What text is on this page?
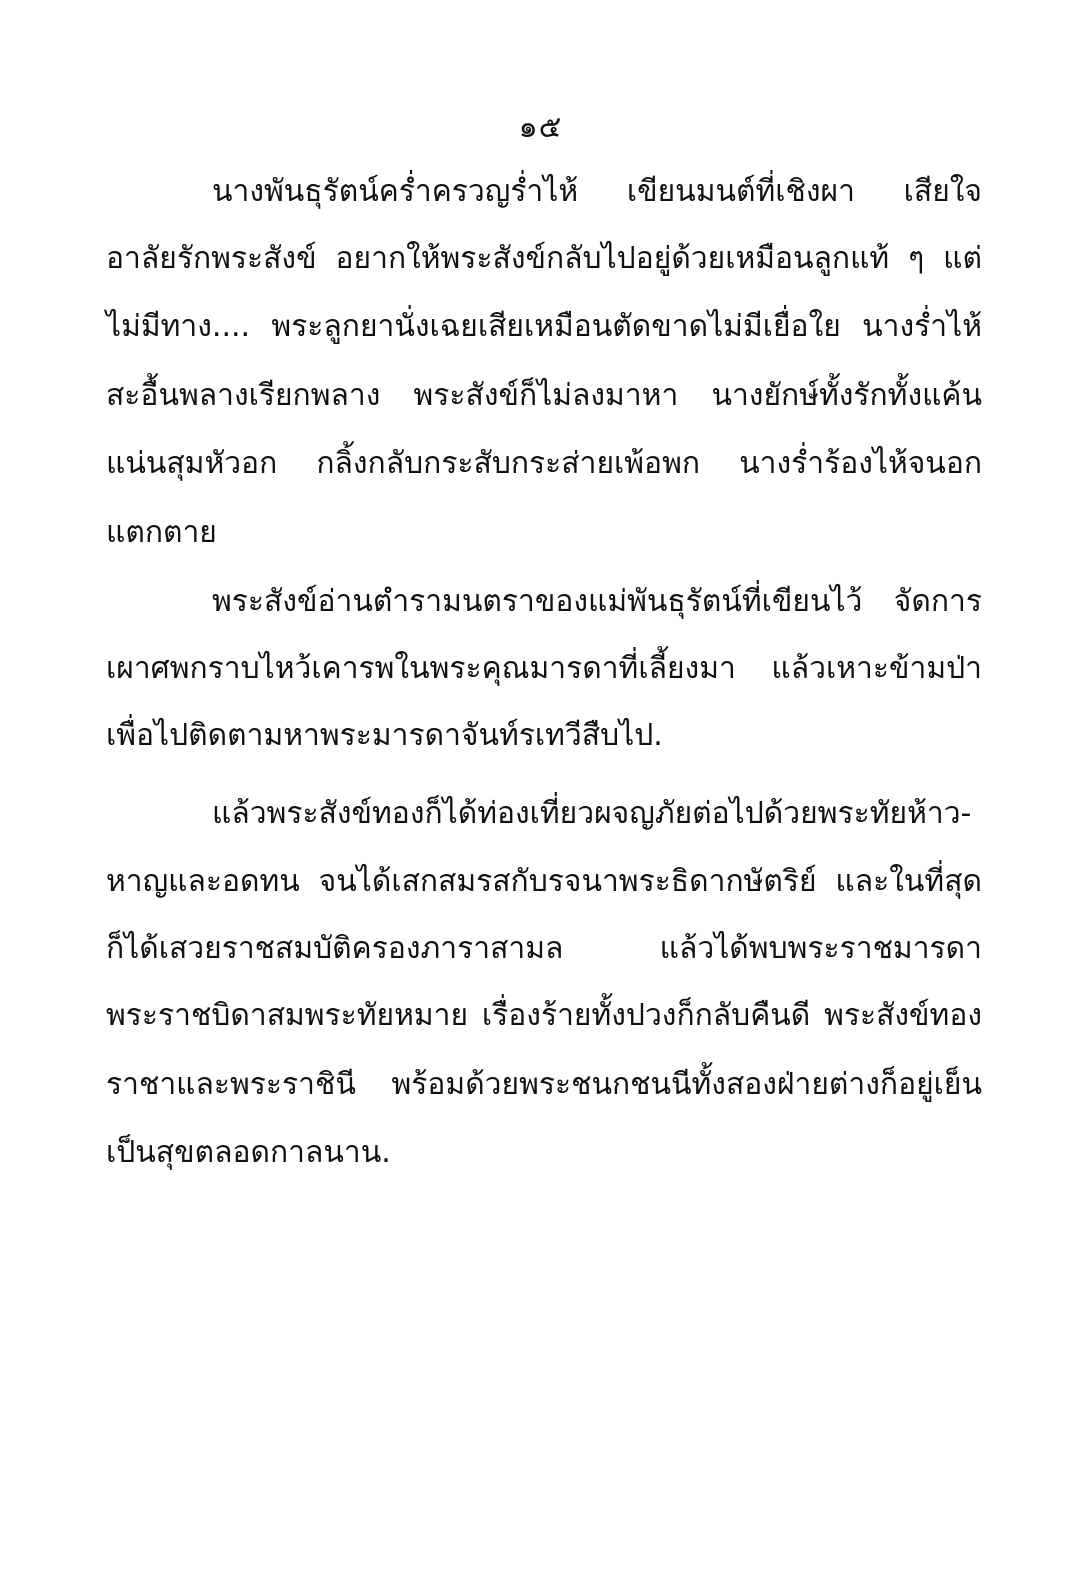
๑๕
นางพันธุรัตน์คร่ำครวญร่ำไห้ เขียนมนต์ที่เชิงผา เสียใจ
อาลัยรักพระสังข์ อยากให้พระสังข์กลับไปอยู่ด้วยเหมือนลูกแท้ ๆ แต่
ไม่มีทาง.... พระลูกยานั่งเฉยเสียเหมือนตัดขาดไม่มีเยื่อใย นางร่ำไห้
สะอื้นพลางเรียกพลาง พระสังข์ก็ไม่ลงมาหา นางยักษ์ทั้งรักทั้งแค้น
แน่นสุมหัวอก กลิ้งกลับกระสับกระส่ายเพ้อพก นางร่ำร้องไห้จนอก
แตกตาย
พระสังข์อ่านตำรามนตราของแม่พันธุรัตน์ที่เขียนไว้ จัดการ
เผาศพกราบไหว้เคารพในพระคุณมารดาที่เลี้ยงมา แล้วเหาะข้ามป่า
เพื่อไปติดตามหาพระมารดาจันท์รเทวีสืบไป.
แล้วพระสังข์ทองก็ได้ท่องเที่ยวผจญภัยต่อไปด้วยพระทัยห้าว-
หาญและอดทน จนได้เสกสมรสกับรจนาพระธิดากษัตริย์ และในที่สุด
ก็ได้เสวยราชสมบัติครองภาราสามล แล้วได้พบพระราชมารดา
พระราชบิดาสมพระทัยหมาย เรื่องร้ายทั้งปวงก็กลับคืนดี พระสังข์ทอง
ราชาและพระราชินี พร้อมด้วยพระชนกชนนีทั้งสองฝ่ายต่างก็อยู่เย็น
เป็นสุขตลอดกาลนาน.
